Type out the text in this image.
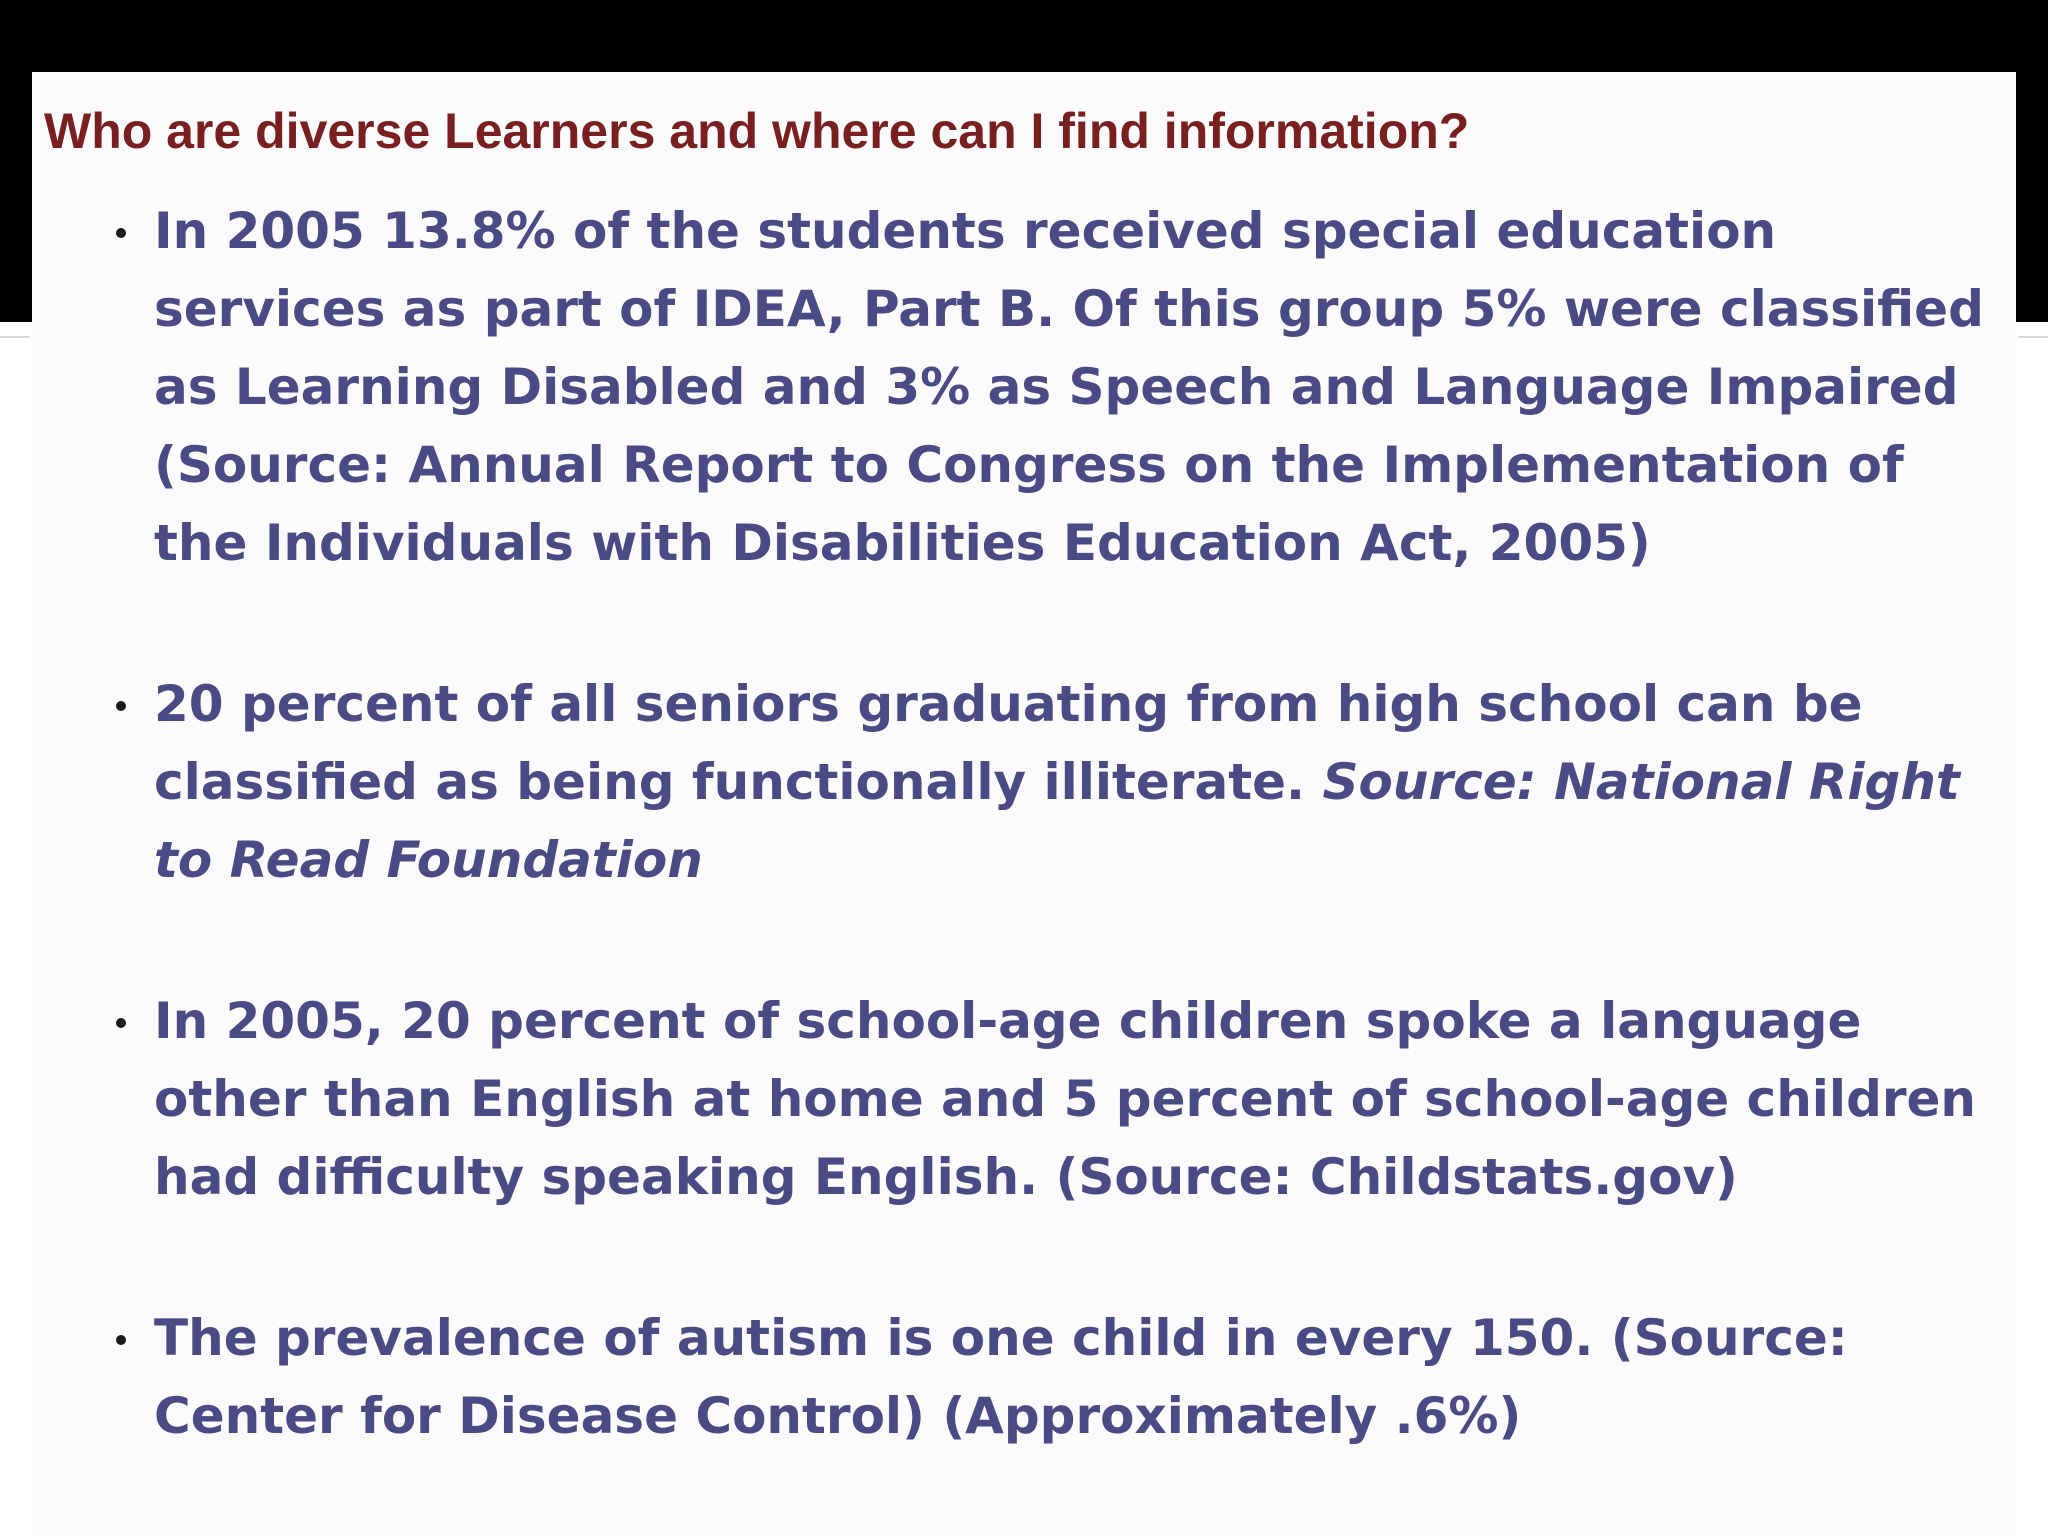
Who are diverse Learners and where can I find information?
In 2005 13.8% of the students received special education services as part of IDEA, Part B. Of this group 5% were classified as Learning Disabled and 3% as Speech and Language Impaired (Source: Annual Report to Congress on the Implementation of the Individuals with Disabilities Education Act, 2005)
20 percent of all seniors graduating from high school can be classified as being functionally illiterate. Source: National Right to Read Foundation
In 2005, 20 percent of school-age children spoke a language other than English at home and 5 percent of school-age children had difficulty speaking English. (Source: Childstats.gov)
The prevalence of autism is one child in every 150. (Source: Center for Disease Control) (Approximately .6%)
